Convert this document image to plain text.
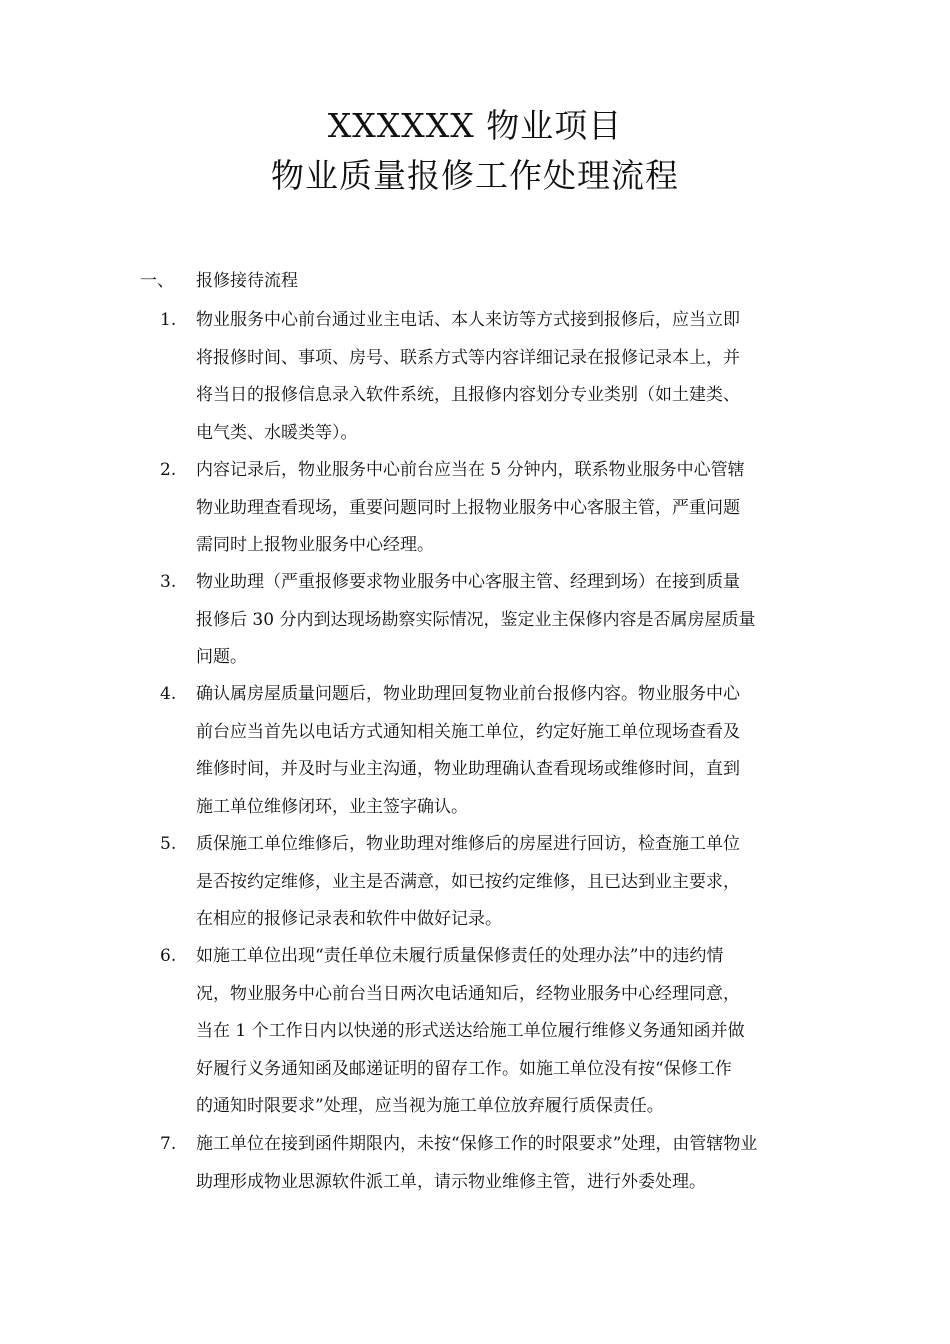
XXXXXX 物业项目
物业质量报修工作处理流程
一、	报修接待流程
1.	物业服务中心前台通过业主电话、本人来访等方式接到报修后，应当立即
将报修时间、事项、房号、联系方式等内容详细记录在报修记录本上，并
将当日的报修信息录入软件系统，且报修内容划分专业类别（如土建类、
电气类、水暖类等）。

2.	内容记录后，物业服务中心前台应当在 5 分钟内，联系物业服务中心管辖
物业助理查看现场，重要问题同时上报物业服务中心客服主管，严重问题
需同时上报物业服务中心经理。

3.	物业助理（严重报修要求物业服务中心客服主管、经理到场）在接到质量
报修后 30 分内到达现场勘察实际情况，鉴定业主保修内容是否属房屋质量
问题。

4.	确认属房屋质量问题后，物业助理回复物业前台报修内容。物业服务中心
前台应当首先以电话方式通知相关施工单位，约定好施工单位现场查看及
维修时间，并及时与业主沟通，物业助理确认查看现场或维修时间，直到
施工单位维修闭环，业主签字确认。

5.	质保施工单位维修后，物业助理对维修后的房屋进行回访，检查施工单位
是否按约定维修，业主是否满意，如已按约定维修，且已达到业主要求，
在相应的报修记录表和软件中做好记录。

6.	如施工单位出现“责任单位未履行质量保修责任的处理办法”中的违约情
况，物业服务中心前台当日两次电话通知后，经物业服务中心经理同意，
当在 1 个工作日内以快递的形式送达给施工单位履行维修义务通知函并做
好履行义务通知函及邮递证明的留存工作。如施工单位没有按“保修工作
的通知时限要求”处理，应当视为施工单位放弃履行质保责任。

7.	施工单位在接到函件期限内，未按“保修工作的时限要求”处理，由管辖物业
助理形成物业思源软件派工单，请示物业维修主管，进行外委处理。
